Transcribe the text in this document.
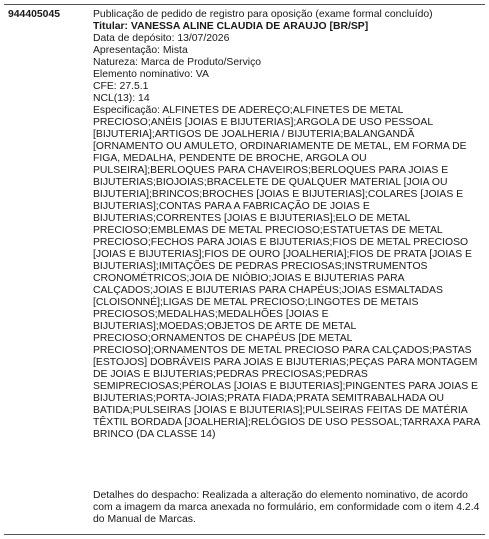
944405045	Publicação de pedido de registro para oposição (exame formal concluído)
Titular: VANESSA ALINE CLAUDIA DE ARAUJO [BR/SP]
Data de depósito: 13/07/2026
Apresentação: Mista
Natureza: Marca de Produto/Serviço
Elemento nominativo: VA
CFE: 27.5.1
NCL(13): 14
Especificação: ALFINETES DE ADEREÇO;ALFINETES DE METAL PRECIOSO;ANÉIS [JOIAS E BIJUTERIAS];ARGOLA DE USO PESSOAL [BIJUTERIA];ARTIGOS DE JOALHERIA / BIJUTERIA;BALANGANDÃ [ORNAMENTO OU AMULETO, ORDINARIAMENTE DE METAL, EM FORMA DE FIGA, MEDALHA, PENDENTE DE BROCHE, ARGOLA OU PULSEIRA];BERLOQUES PARA CHAVEIROS;BERLOQUES PARA JOIAS E BIJUTERIAS;BIOJOIAS;BRACELETE DE QUALQUER MATERIAL [JOIA OU BIJUTERIA];BRINCOS;BROCHES [JOIAS E BIJUTERIAS];COLARES [JOIAS E BIJUTERIAS];CONTAS PARA A FABRICAÇÃO DE JOIAS E BIJUTERIAS;CORRENTES [JOIAS E BIJUTERIAS];ELO DE METAL PRECIOSO;EMBLEMAS DE METAL PRECIOSO;ESTATUETAS DE METAL PRECIOSO;FECHOS PARA JOIAS E BIJUTERIAS;FIOS DE METAL PRECIOSO [JOIAS E BIJUTERIAS];FIOS DE OURO [JOALHERIA];FIOS DE PRATA [JOIAS E BIJUTERIAS];IMITAÇÕES DE PEDRAS PRECIOSAS;INSTRUMENTOS CRONOMÉTRICOS;JOIA DE NIÓBIO;JOIAS E BIJUTERIAS PARA CALÇADOS;JOIAS E BIJUTERIAS PARA CHAPÉUS;JOIAS ESMALTADAS [CLOISONNÉ];LIGAS DE METAL PRECIOSO;LINGOTES DE METAIS PRECIOSOS;MEDALHAS;MEDALHÕES [JOIAS E BIJUTERIAS];MOEDAS;OBJETOS DE ARTE DE METAL PRECIOSO;ORNAMENTOS DE CHAPÉUS [DE METAL PRECIOSO];ORNAMENTOS DE METAL PRECIOSO PARA CALÇADOS;PASTAS [ESTOJOS] DOBRÁVEIS PARA JOIAS E BIJUTERIAS;PEÇAS PARA MONTAGEM DE JOIAS E BIJUTERIAS;PEDRAS PRECIOSAS;PEDRAS SEMIPRECIOSAS;PÉROLAS [JOIAS E BIJUTERIAS];PINGENTES PARA JOIAS E BIJUTERIAS;PORTA-JOIAS;PRATA FIADA;PRATA SEMITRABALHADA OU BATIDA;PULSEIRAS [JOIAS E BIJUTERIAS];PULSEIRAS FEITAS DE MATÉRIA TÊXTIL BORDADA [JOALHERIA];RELÓGIOS DE USO PESSOAL;TARRAXA PARA BRINCO (DA CLASSE 14)
Detalhes do despacho: Realizada a alteração do elemento nominativo, de acordo com a imagem da marca anexada no formulário, em conformidade com o item 4.2.4 do Manual de Marcas.
